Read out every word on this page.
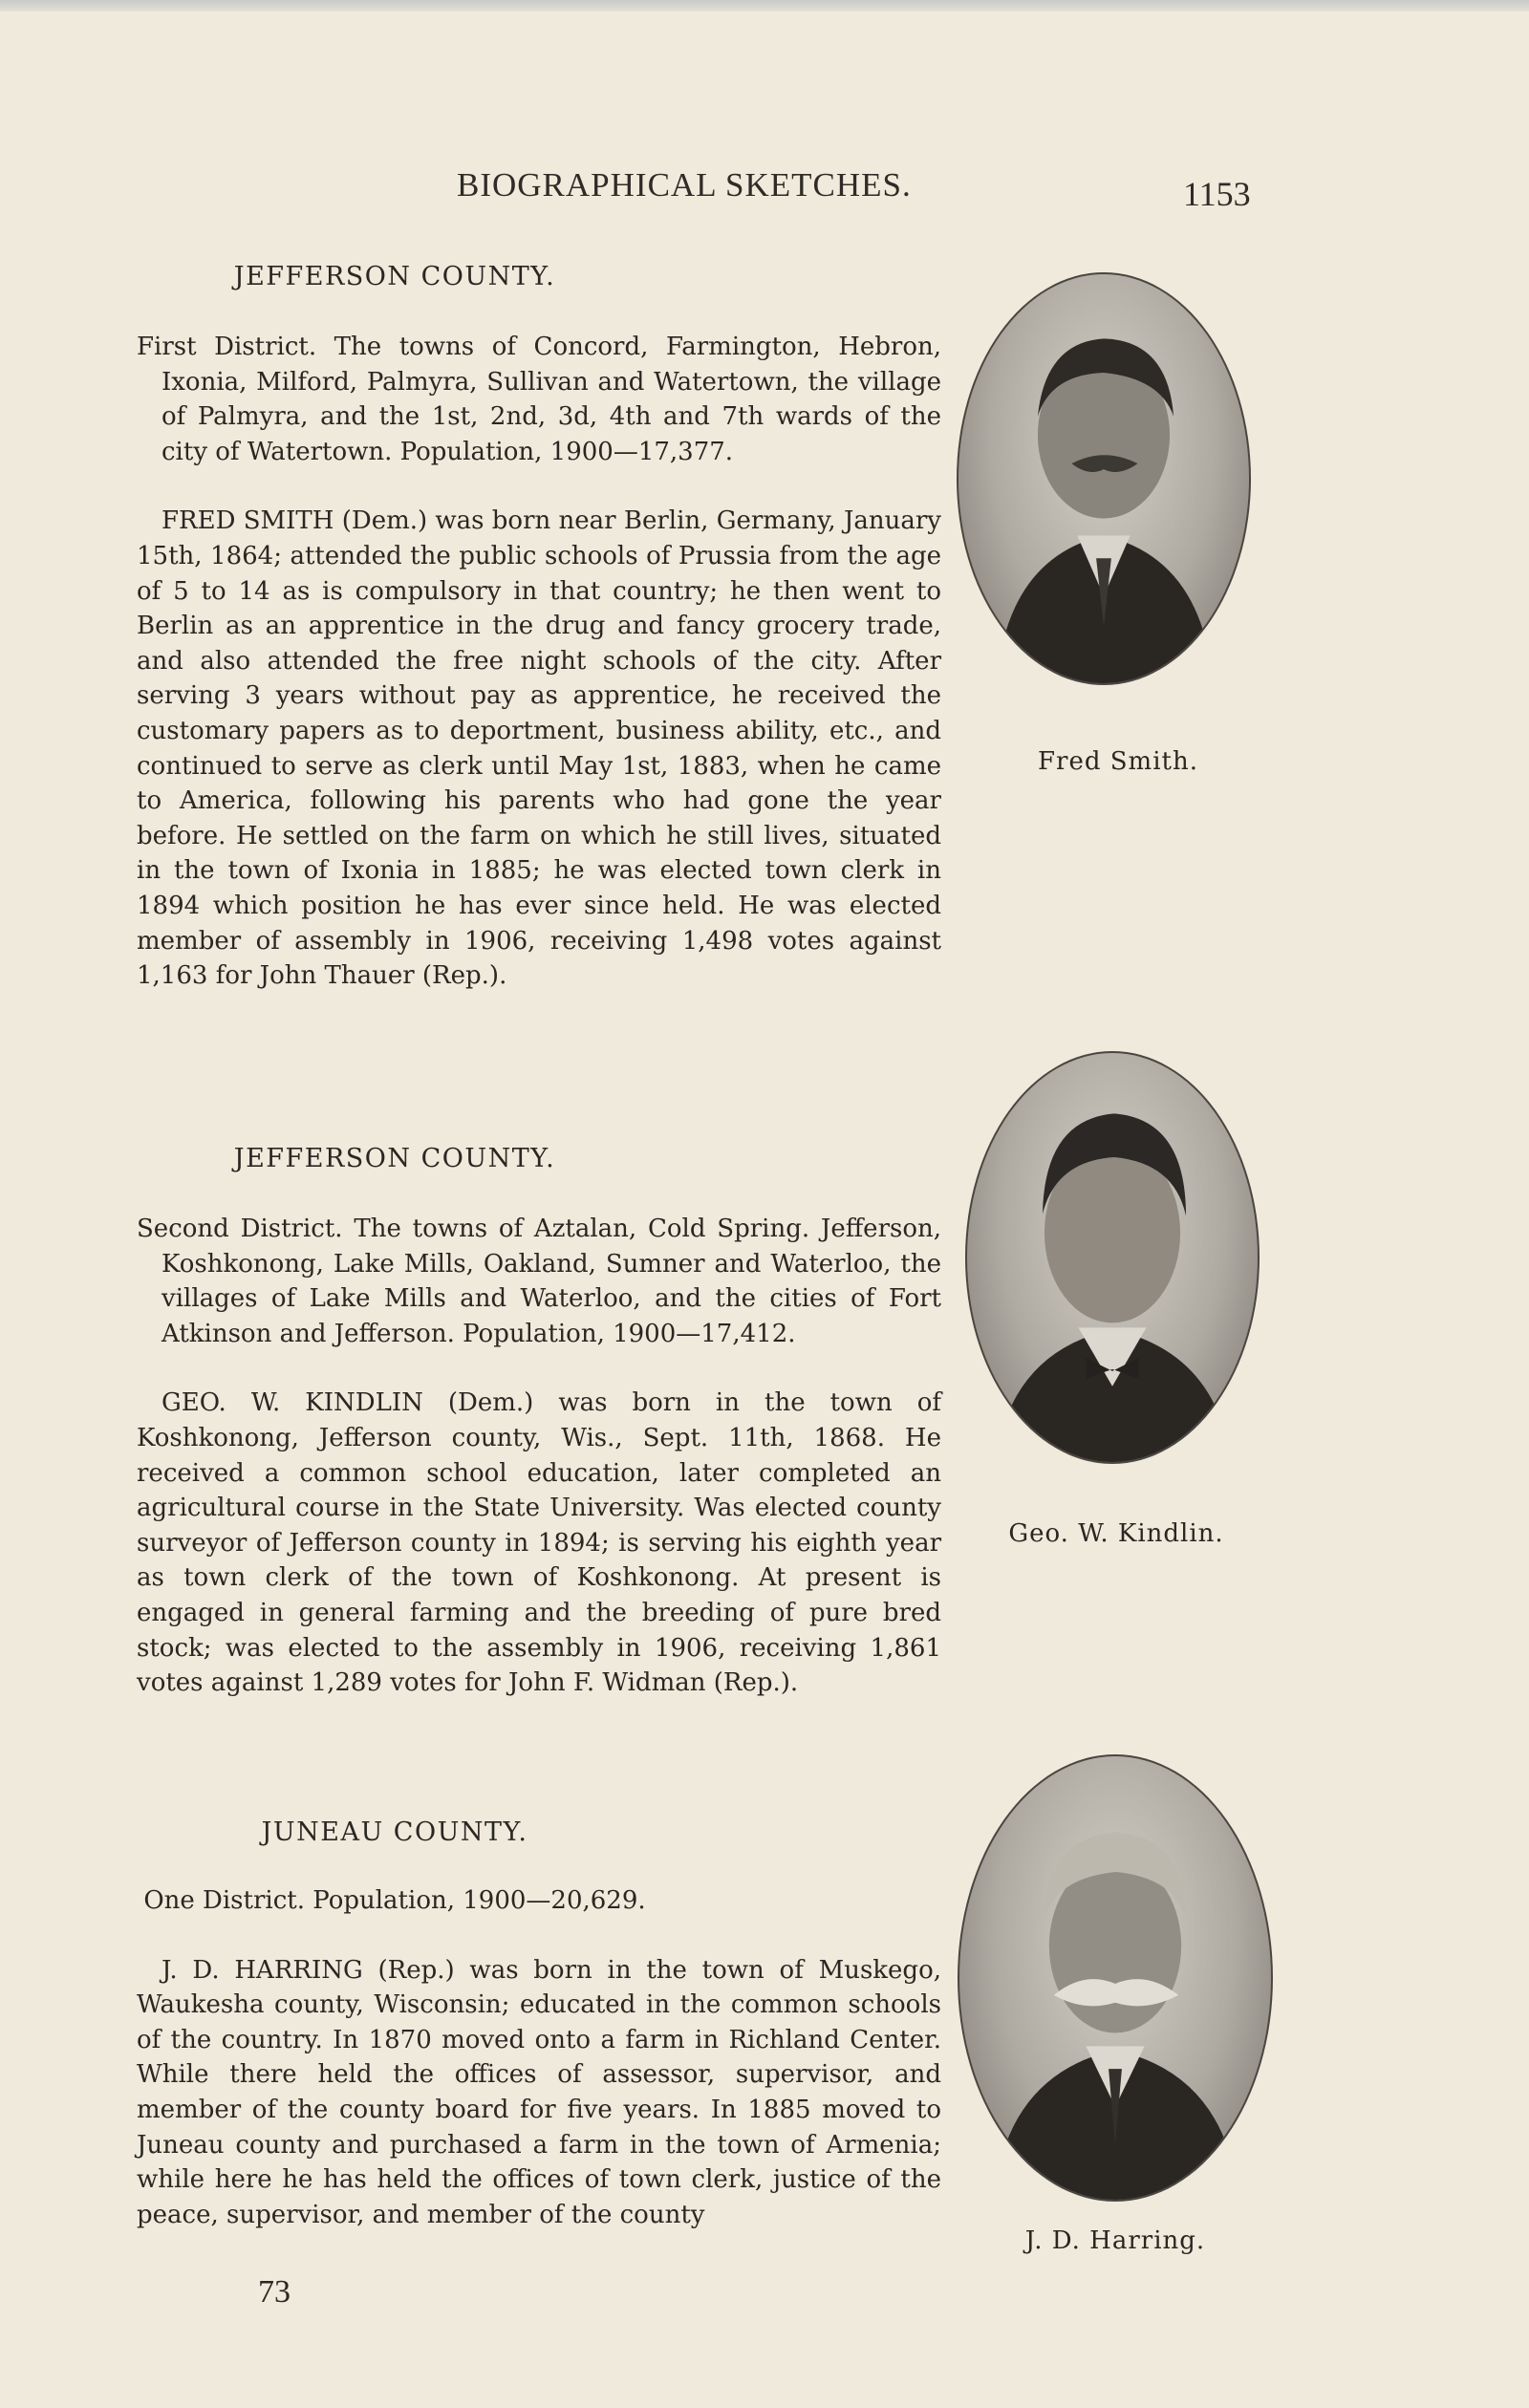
BIOGRAPHICAL SKETCHES.	1153

JEFFERSON COUNTY.

First District. The towns of Concord, Farmington, Hebron, Ixonia, Milford, Palmyra, Sullivan and Watertown, the village of Palmyra, and the 1st, 2nd, 3d, 4th and 7th wards of the city of Watertown. Population, 1900—17,377.

FRED SMITH (Dem.) was born near Berlin, Germany, January 15th, 1864; attended the public schools of Prussia from the age of 5 to 14 as is compulsory in that country; he then went to Berlin as an apprentice in the drug and fancy grocery trade, and also attended the free night schools of the city. After serving 3 years without pay as apprentice, he received the customary papers as to deportment, business ability, etc., and continued to serve as clerk until May 1st, 1883, when he came to America, following his parents who had gone the year before. He settled on the farm on which he still lives, situated in the town of Ixonia in 1885; he was elected town clerk in 1894 which position he has ever since held. He was elected member of assembly in 1906, receiving 1,498 votes against 1,163 for John Thauer (Rep.).

Fred Smith.

JEFFERSON COUNTY.

Second District. The towns of Aztalan, Cold Spring. Jefferson, Koshkonong, Lake Mills, Oakland, Sumner and Waterloo, the villages of Lake Mills and Waterloo, and the cities of Fort Atkinson and Jefferson. Population, 1900—17,412.

GEO. W. KINDLIN (Dem.) was born in the town of Koshkonong, Jefferson county, Wis., Sept. 11th, 1868. He received a common school education, later completed an agricultural course in the State University. Was elected county surveyor of Jefferson county in 1894; is serving his eighth year as town clerk of the town of Koshkonong. At present is engaged in general farming and the breeding of pure bred stock; was elected to the assembly in 1906, receiving 1,861 votes against 1,289 votes for John F. Widman (Rep.).

Geo. W. Kindlin.

JUNEAU COUNTY.

One District. Population, 1900—20,629.

J. D. HARRING (Rep.) was born in the town of Muskego, Waukesha county, Wisconsin; educated in the common schools of the country. In 1870 moved onto a farm in Richland Center. While there held the offices of assessor, supervisor, and member of the county board for five years. In 1885 moved to Juneau county and purchased a farm in the town of Armenia; while here he has held the offices of town clerk, justice of the peace, supervisor, and member of the county

J. D. Harring.
73
